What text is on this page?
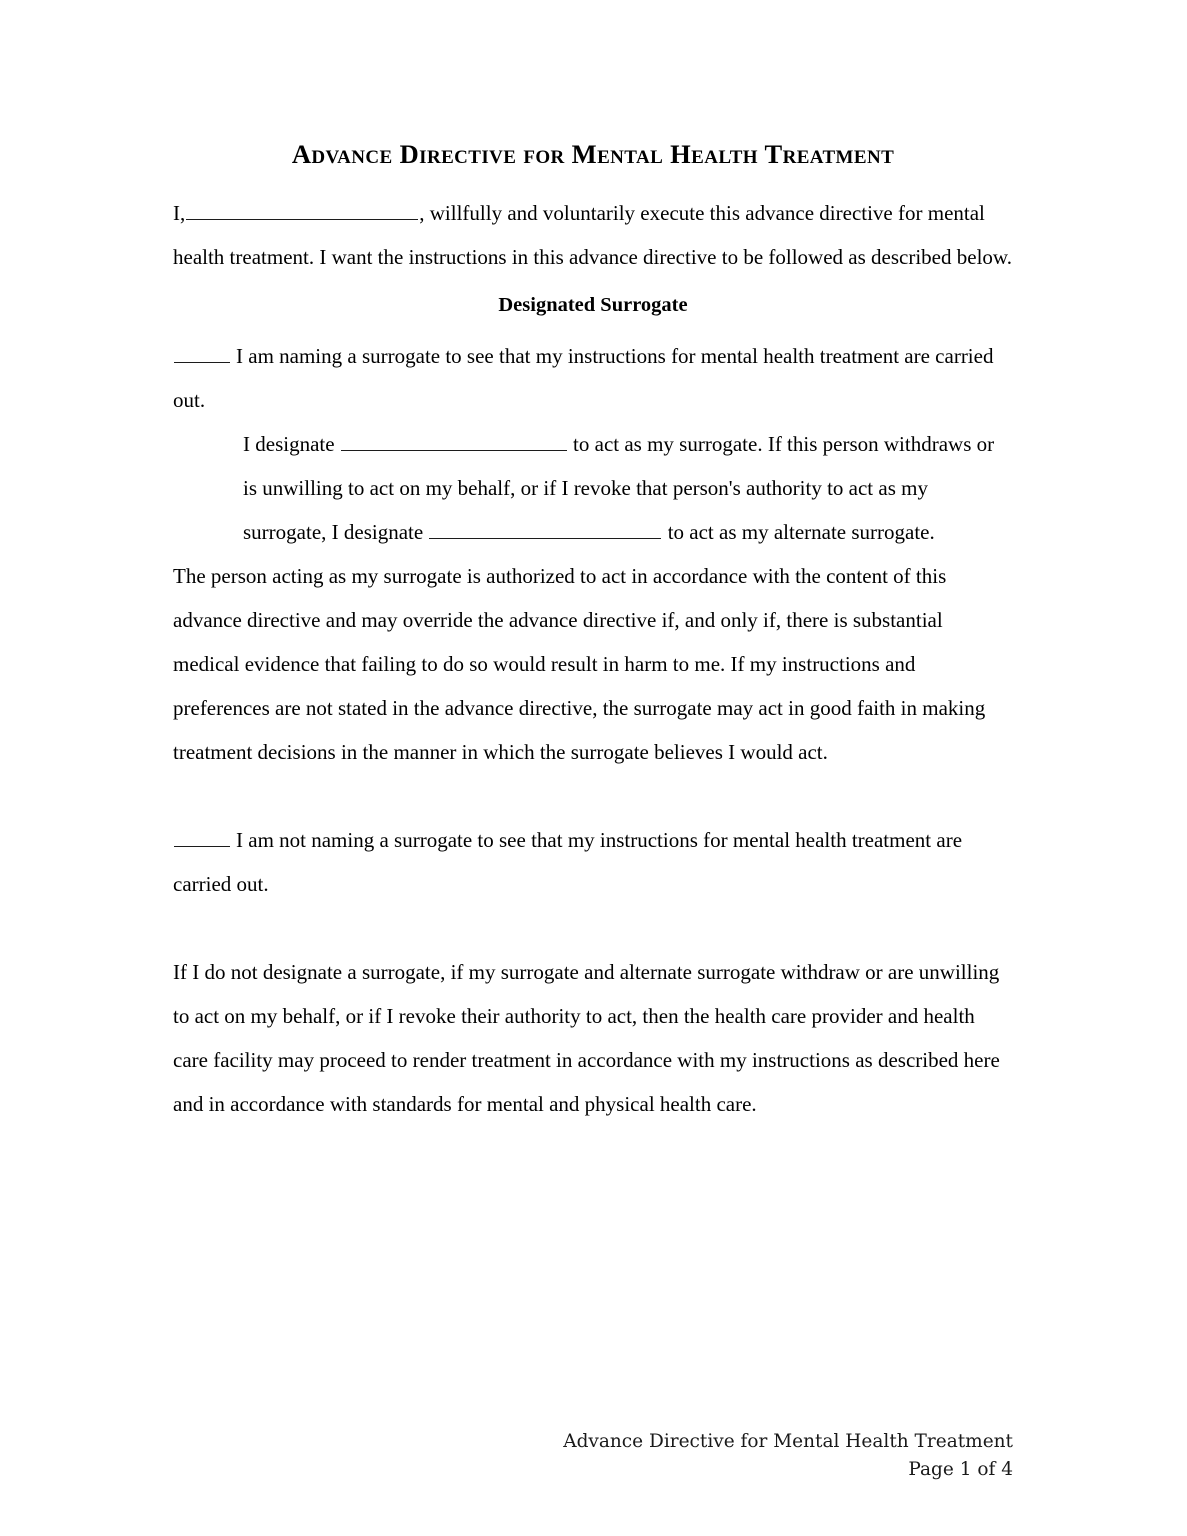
Advance Directive for Mental Health Treatment

I,	, willfully and voluntarily execute this advance directive for mental health treatment. I want the instructions in this advance directive to be followed as described below.

Designated Surrogate

I am naming a surrogate to see that my instructions for mental health treatment are carried out.

I designate	to act as my surrogate. If this person withdraws or is unwilling to act on my behalf, or if I revoke that person's authority to act as my surrogate, I designate	to act as my alternate surrogate.

The person acting as my surrogate is authorized to act in accordance with the content of this advance directive and may override the advance directive if, and only if, there is substantial medical evidence that failing to do so would result in harm to me. If my instructions and preferences are not stated in the advance directive, the surrogate may act in good faith in making treatment decisions in the manner in which the surrogate believes I would act.

I am not naming a surrogate to see that my instructions for mental health treatment are carried out.

If I do not designate a surrogate, if my surrogate and alternate surrogate withdraw or are unwilling to act on my behalf, or if I revoke their authority to act, then the health care provider and health care facility may proceed to render treatment in accordance with my instructions as described here and in accordance with standards for mental and physical health care.

Advance Directive for Mental Health Treatment
Page 1 of 4
